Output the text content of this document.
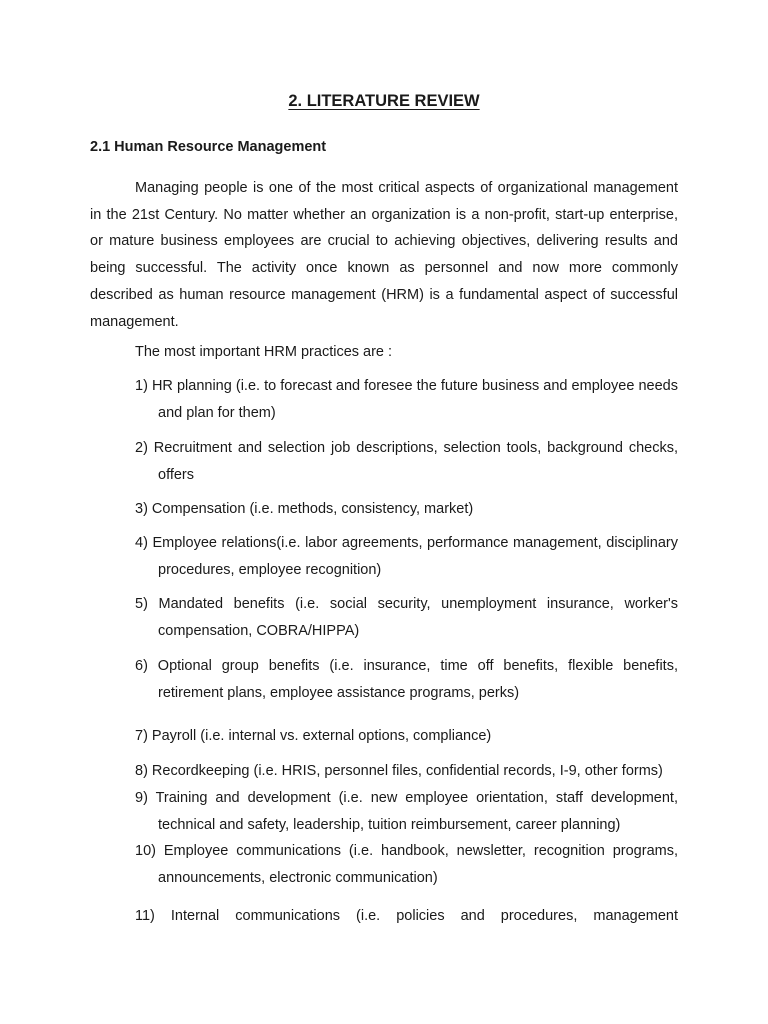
2. LITERATURE REVIEW
2.1 Human Resource Management

Managing people is one of the most critical aspects of organizational management in the 21st Century. No matter whether an organization is a non-profit, start-up enterprise, or mature business employees are crucial to achieving objectives, delivering results and being successful. The activity once known as personnel and now more commonly described as human resource management (HRM) is a fundamental aspect of successful management.

The most important HRM practices are :

1) HR planning (i.e. to forecast and foresee the future business and employee needs and plan for them)
2) Recruitment and selection job descriptions, selection tools, background checks, offers
3) Compensation (i.e. methods, consistency, market)
4) Employee relations(i.e. labor agreements, performance management, disciplinary procedures, employee recognition)
5) Mandated benefits (i.e. social security, unemployment insurance, worker's compensation, COBRA/HIPPA)
6) Optional group benefits (i.e. insurance, time off benefits, flexible benefits, retirement plans, employee assistance programs, perks)
7) Payroll (i.e. internal vs. external options, compliance)
8) Recordkeeping (i.e. HRIS, personnel files, confidential records, I-9, other forms)
9) Training and development (i.e. new employee orientation, staff development, technical and safety, leadership, tuition reimbursement, career planning)
10) Employee communications (i.e. handbook, newsletter, recognition programs, announcements, electronic communication)
11) Internal communications (i.e. policies and procedures, management
